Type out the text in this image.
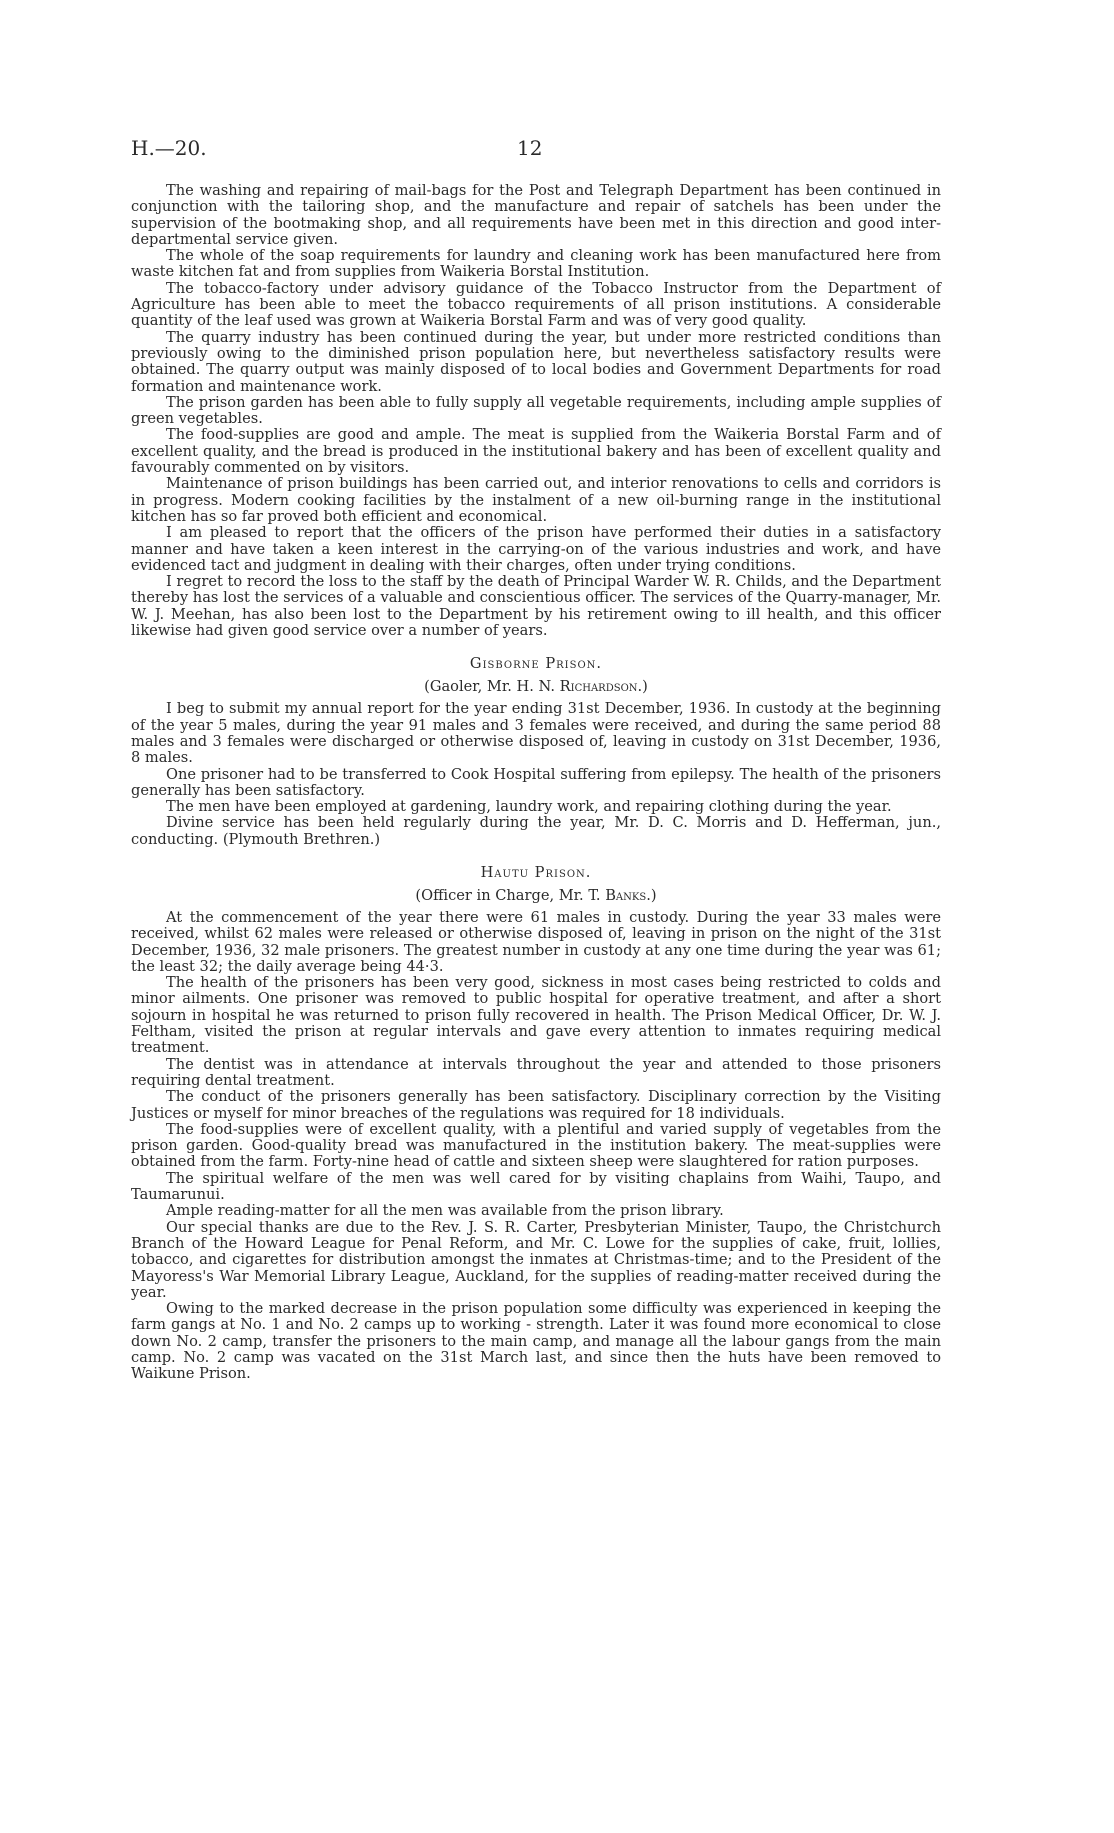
H.—20.	12

The washing and repairing of mail-bags for the Post and Telegraph Department has been continued in conjunction with the tailoring shop, and the manufacture and repair of satchels has been under the supervision of the bootmaking shop, and all requirements have been met in this direction and good inter-departmental service given.

The whole of the soap requirements for laundry and cleaning work has been manufactured here from waste kitchen fat and from supplies from Waikeria Borstal Institution.

The tobacco-factory under advisory guidance of the Tobacco Instructor from the Department of Agriculture has been able to meet the tobacco requirements of all prison institutions. A considerable quantity of the leaf used was grown at Waikeria Borstal Farm and was of very good quality.

The quarry industry has been continued during the year, but under more restricted conditions than previously owing to the diminished prison population here, but nevertheless satisfactory results were obtained. The quarry output was mainly disposed of to local bodies and Government Departments for road formation and maintenance work.

The prison garden has been able to fully supply all vegetable requirements, including ample supplies of green vegetables.

The food-supplies are good and ample. The meat is supplied from the Waikeria Borstal Farm and of excellent quality, and the bread is produced in the institutional bakery and has been of excellent quality and favourably commented on by visitors.

Maintenance of prison buildings has been carried out, and interior renovations to cells and corridors is in progress. Modern cooking facilities by the instalment of a new oil-burning range in the institutional kitchen has so far proved both efficient and economical.

I am pleased to report that the officers of the prison have performed their duties in a satisfactory manner and have taken a keen interest in the carrying-on of the various industries and work, and have evidenced tact and judgment in dealing with their charges, often under trying conditions.

I regret to record the loss to the staff by the death of Principal Warder W. R. Childs, and the Department thereby has lost the services of a valuable and conscientious officer. The services of the Quarry-manager, Mr. W. J. Meehan, has also been lost to the Department by his retirement owing to ill health, and this officer likewise had given good service over a number of years.

Gisborne Prison.
(Gaoler, Mr. H. N. Richardson.)

I beg to submit my annual report for the year ending 31st December, 1936. In custody at the beginning of the year 5 males, during the year 91 males and 3 females were received, and during the same period 88 males and 3 females were discharged or otherwise disposed of, leaving in custody on 31st December, 1936, 8 males.

One prisoner had to be transferred to Cook Hospital suffering from epilepsy. The health of the prisoners generally has been satisfactory.

The men have been employed at gardening, laundry work, and repairing clothing during the year.

Divine service has been held regularly during the year, Mr. D. C. Morris and D. Hefferman, jun., conducting. (Plymouth Brethren.)

Hautu Prison.
(Officer in Charge, Mr. T. Banks.)

At the commencement of the year there were 61 males in custody. During the year 33 males were received, whilst 62 males were released or otherwise disposed of, leaving in prison on the night of the 31st December, 1936, 32 male prisoners. The greatest number in custody at any one time during the year was 61; the least 32; the daily average being 44·3.

The health of the prisoners has been very good, sickness in most cases being restricted to colds and minor ailments. One prisoner was removed to public hospital for operative treatment, and after a short sojourn in hospital he was returned to prison fully recovered in health. The Prison Medical Officer, Dr. W. J. Feltham, visited the prison at regular intervals and gave every attention to inmates requiring medical treatment.

The dentist was in attendance at intervals throughout the year and attended to those prisoners requiring dental treatment.

The conduct of the prisoners generally has been satisfactory. Disciplinary correction by the Visiting Justices or myself for minor breaches of the regulations was required for 18 individuals.

The food-supplies were of excellent quality, with a plentiful and varied supply of vegetables from the prison garden. Good-quality bread was manufactured in the institution bakery. The meat-supplies were obtained from the farm. Forty-nine head of cattle and sixteen sheep were slaughtered for ration purposes.

The spiritual welfare of the men was well cared for by visiting chaplains from Waihi, Taupo, and Taumarunui.

Ample reading-matter for all the men was available from the prison library.

Our special thanks are due to the Rev. J. S. R. Carter, Presbyterian Minister, Taupo, the Christchurch Branch of the Howard League for Penal Reform, and Mr. C. Lowe for the supplies of cake, fruit, lollies, tobacco, and cigarettes for distribution amongst the inmates at Christmas-time; and to the President of the Mayoress's War Memorial Library League, Auckland, for the supplies of reading-matter received during the year.

Owing to the marked decrease in the prison population some difficulty was experienced in keeping the farm gangs at No. 1 and No. 2 camps up to working - strength. Later it was found more economical to close down No. 2 camp, transfer the prisoners to the main camp, and manage all the labour gangs from the main camp. No. 2 camp was vacated on the 31st March last, and since then the huts have been removed to Waikune Prison.
